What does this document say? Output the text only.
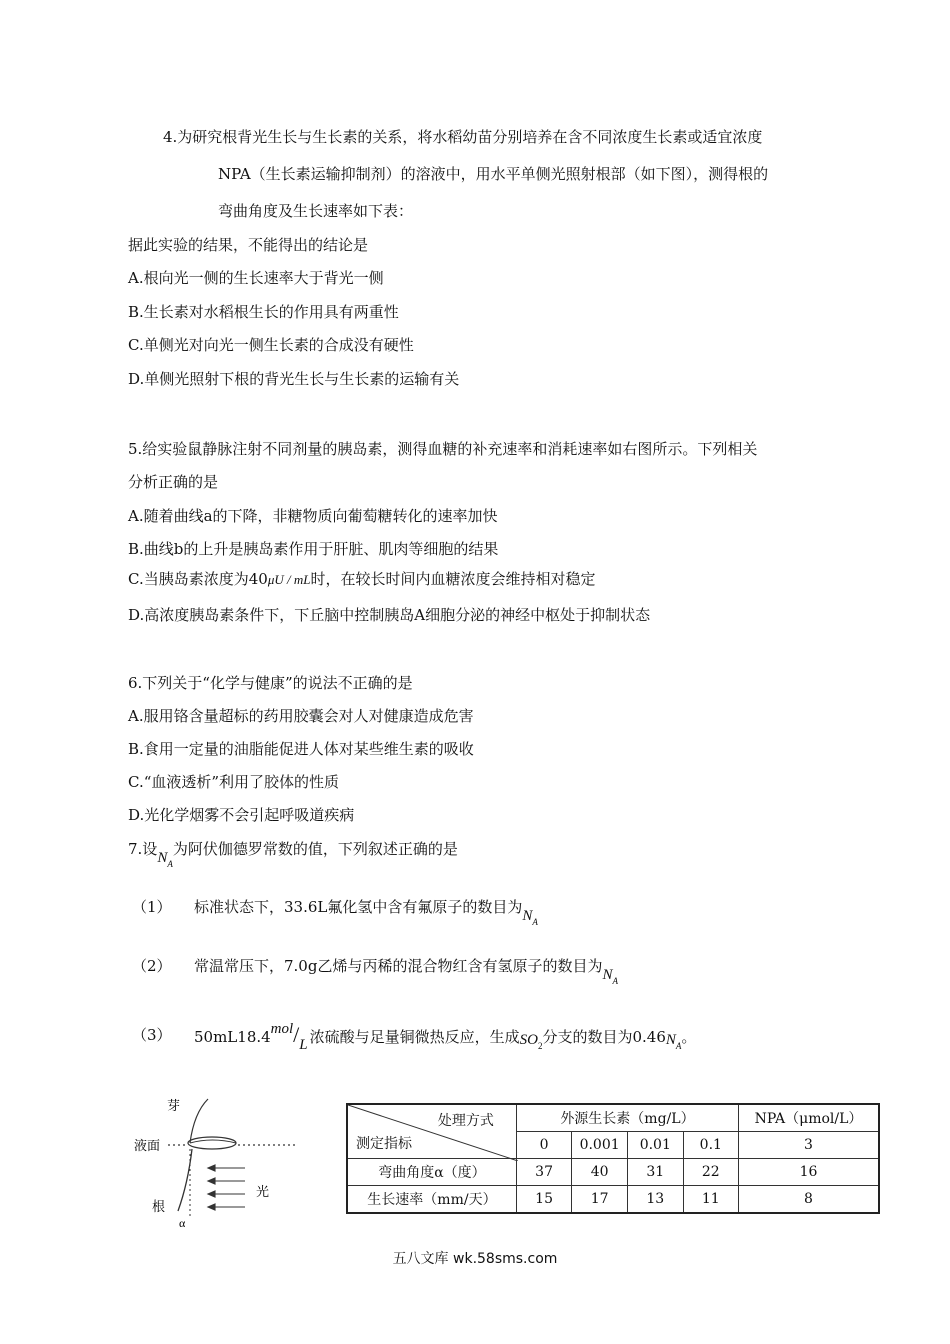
4.为研究根背光生长与生长素的关系，将水稻幼苗分别培养在含不同浓度生长素或适宜浓度
NPA（生长素运输抑制剂）的溶液中，用水平单侧光照射根部（如下图），测得根的
弯曲角度及生长速率如下表：
据此实验的结果，不能得出的结论是
A.根向光一侧的生长速率大于背光一侧
B.生长素对水稻根生长的作用具有两重性
C.单侧光对向光一侧生长素的合成没有硬性
D.单侧光照射下根的背光生长与生长素的运输有关
5.给实验鼠静脉注射不同剂量的胰岛素，测得血糖的补充速率和消耗速率如右图所示。下列相关
分析正确的是
A.随着曲线a的下降，非糖物质向葡萄糖转化的速率加快
B.曲线b的上升是胰岛素作用于肝脏、肌肉等细胞的结果
C.当胰岛素浓度为40μU / mL时，在较长时间内血糖浓度会维持相对稳定
D.高浓度胰岛素条件下，下丘脑中控制胰岛A细胞分泌的神经中枢处于抑制状态
6.下列关于“化学与健康”的说法不正确的是
A.服用铬含量超标的药用胶囊会对人对健康造成危害
B.食用一定量的油脂能促进人体对某些维生素的吸收
C.“血液透析”利用了胶体的性质
D.光化学烟雾不会引起呼吸道疾病
7.设$N_A$为阿伏伽德罗常数的值，下列叙述正确的是
（1） 标准状态下，33.6L氟化氢中含有氟原子的数目为$N_A$
（2） 常温常压下，7.0g乙烯与丙稀的混合物红含有氢原子的数目为$N_A$
（3） 50mL18.4mol/L 浓硫酸与足量铜微热反应，生成$SO_2$分支的数目为$0.46N_A$。
芽
液面
根
光
α
处理方式
测定指标	外源生长素（mg/L）				NPA（μmol/L）
	0	0.001	0.01	0.1	3
弯曲角度α（度）	37	40	31	22	16
生长速率（mm/天）	15	17	13	11	8
五八文库 wk.58sms.com
